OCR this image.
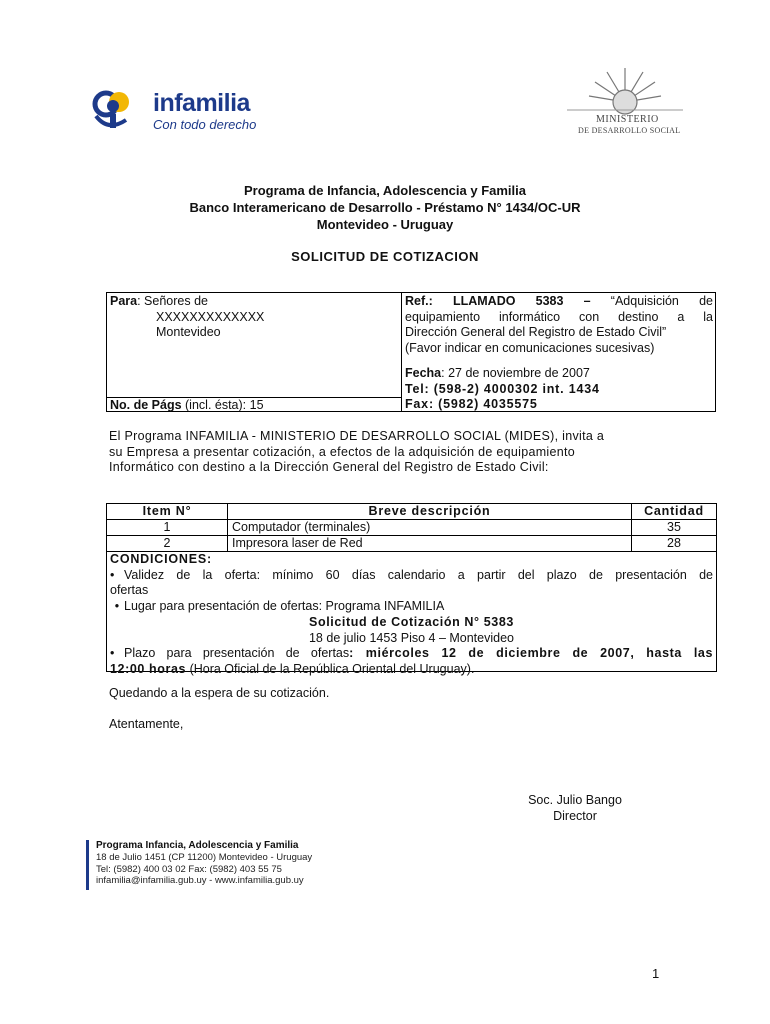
infamilia
Con todo derecho	MINISTERIO
DE DESARROLLO SOCIAL
Programa de Infancia, Adolescencia y Familia
Banco Interamericano de Desarrollo - Préstamo N° 1434/OC-UR
Montevideo - Uruguay
SOLICITUD DE COTIZACION
Para: Señores de
XXXXXXXXXXXXX
Montevideo
No. de Págs (incl. ésta): 15
Ref.: LLAMADO 5383 – “Adquisición de
equipamiento informático con destino a la
Dirección General del Registro de Estado Civil”
(Favor indicar en comunicaciones sucesivas)
Fecha: 27 de noviembre de 2007
Tel: (598-2) 4000302 int. 1434
Fax: (5982) 4035575
El Programa INFAMILIA - MINISTERIO DE DESARROLLO SOCIAL (MIDES), invita a
su Empresa a presentar cotización, a efectos de la adquisición de equipamiento
Informático con destino a la Dirección General del Registro de Estado Civil:
Item N°	Breve descripción	Cantidad
1	Computador (terminales)	35
2	Impresora laser de Red	28

CONDICIONES:

• Validez de la oferta: mínimo 60 días calendario a partir del plazo de presentación de

ofertas

• Lugar para presentación de ofertas: Programa INFAMILIA

Solicitud de Cotización N° 5383

18 de julio 1453 Piso 4 – Montevideo

• Plazo para presentación de ofertas: miércoles 12 de diciembre de 2007, hasta las

12:00 horas (Hora Oficial de la República Oriental del Uruguay).

Quedando a la espera de su cotización.
Atentamente,
Soc. Julio Bango
Director
Programa Infancia, Adolescencia y Familia
18 de Julio 1451 (CP 11200) Montevideo - Uruguay
Tel: (5982) 400 03 02 Fax: (5982) 403 55 75
infamilia@infamilia.gub.uy - www.infamilia.gub.uy
1
